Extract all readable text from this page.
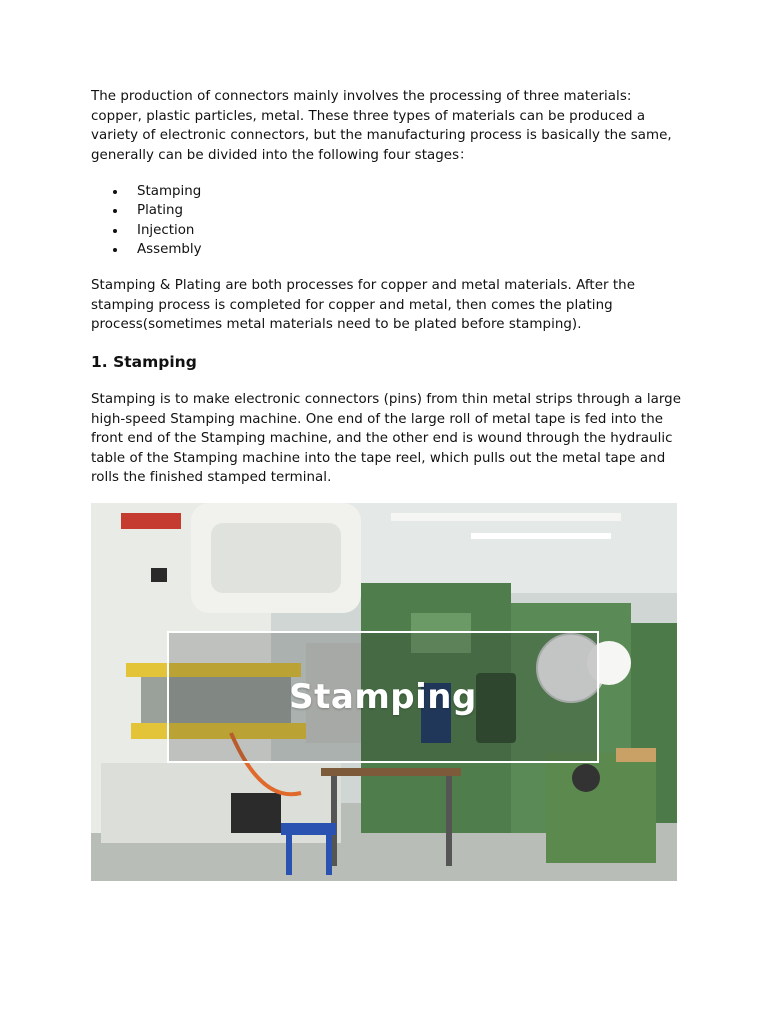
The production of connectors mainly involves the processing of three materials: copper, plastic particles, metal. These three types of materials can be produced a variety of electronic connectors, but the manufacturing process is basically the same, generally can be divided into the following four stages：

Stamping
Plating
Injection
Assembly

Stamping & Plating are both processes for copper and metal materials. After the stamping process is completed for copper and metal, then comes the plating process(sometimes metal materials need to be plated before stamping).

1. Stamping

Stamping is to make electronic connectors (pins) from thin metal strips through a large high-speed Stamping machine. One end of the large roll of metal tape is fed into the front end of the Stamping machine, and the other end is wound through the hydraulic table of the Stamping machine into the tape reel, which pulls out the metal tape and rolls the finished stamped terminal.

Stamping
